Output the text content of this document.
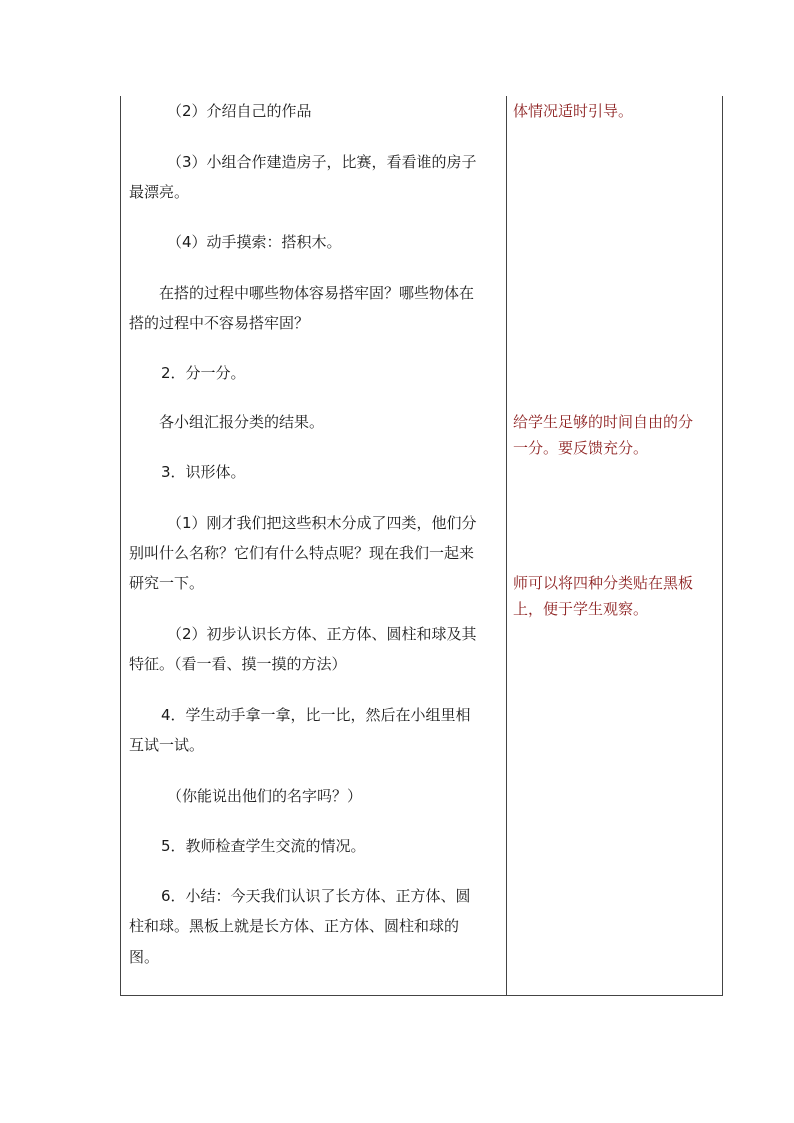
（2）介绍自己的作品
（3）小组合作建造房子，比赛，看看谁的房子
最漂亮。
（4）动手摸索：搭积木。
在搭的过程中哪些物体容易搭牢固？哪些物体在
搭的过程中不容易搭牢固？
2．分一分。
各小组汇报分类的结果。
3．识形体。
（1）刚才我们把这些积木分成了四类，他们分
别叫什么名称？它们有什么特点呢？现在我们一起来
研究一下。
（2）初步认识长方体、正方体、圆柱和球及其
特征。（看一看、摸一摸的方法）
4．学生动手拿一拿，比一比，然后在小组里相
互试一试。
（你能说出他们的名字吗？）
5．教师检查学生交流的情况。
6．小结：今天我们认识了长方体、正方体、圆
柱和球。黑板上就是长方体、正方体、圆柱和球的
图。
体情况适时引导。
给学生足够的时间自由的分
一分。要反馈充分。
师可以将四种分类贴在黑板
上，便于学生观察。
